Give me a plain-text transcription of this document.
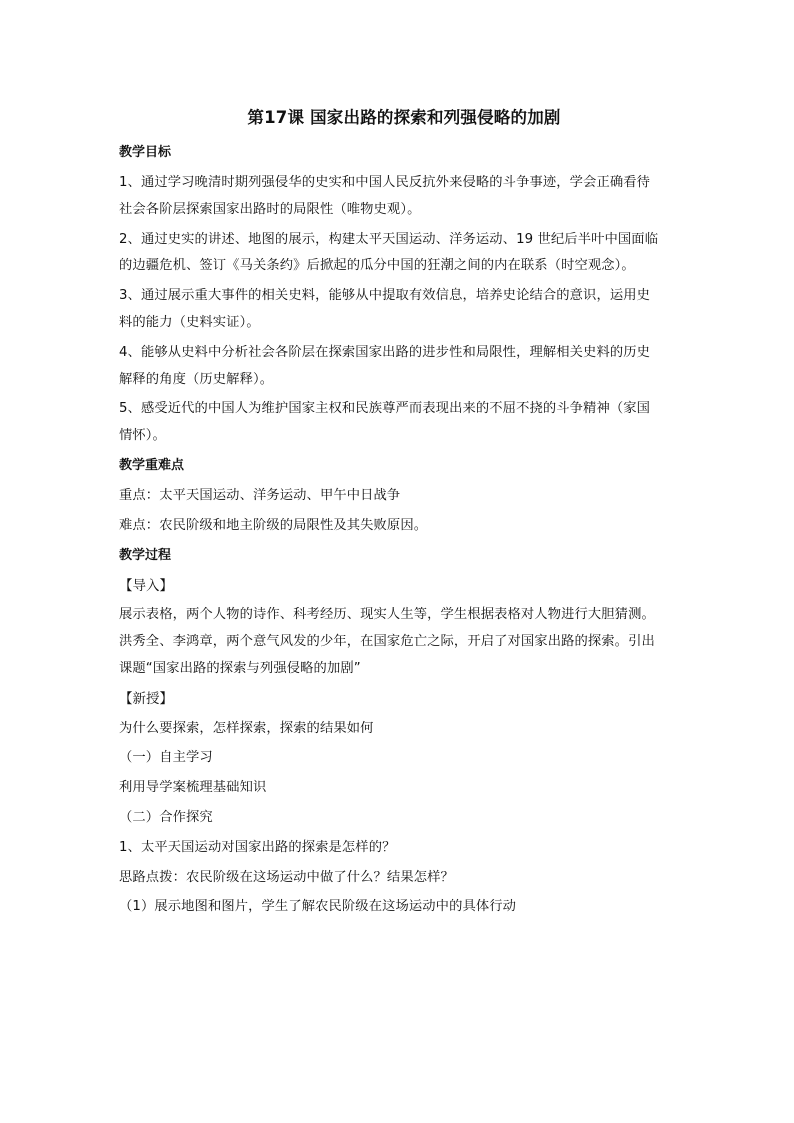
第17课 国家出路的探索和列强侵略的加剧
教学目标
1、通过学习晚清时期列强侵华的史实和中国人民反抗外来侵略的斗争事迹，学会正确看待
社会各阶层探索国家出路时的局限性（唯物史观）。
2、通过史实的讲述、地图的展示，构建太平天国运动、洋务运动、19 世纪后半叶中国面临
的边疆危机、签订《马关条约》后掀起的瓜分中国的狂潮之间的内在联系（时空观念）。
3、通过展示重大事件的相关史料，能够从中提取有效信息，培养史论结合的意识，运用史
料的能力（史料实证）。
4、能够从史料中分析社会各阶层在探索国家出路的进步性和局限性，理解相关史料的历史
解释的角度（历史解释）。
5、感受近代的中国人为维护国家主权和民族尊严而表现出来的不屈不挠的斗争精神（家国
情怀）。
教学重难点
重点：太平天国运动、洋务运动、甲午中日战争
难点：农民阶级和地主阶级的局限性及其失败原因。
教学过程
【导入】
展示表格，两个人物的诗作、科考经历、现实人生等，学生根据表格对人物进行大胆猜测。
洪秀全、李鸿章，两个意气风发的少年，在国家危亡之际，开启了对国家出路的探索。引出
课题“国家出路的探索与列强侵略的加剧”
【新授】
为什么要探索，怎样探索，探索的结果如何
（一）自主学习
利用导学案梳理基础知识
（二）合作探究
1、太平天国运动对国家出路的探索是怎样的？
思路点拨：农民阶级在这场运动中做了什么？结果怎样？
（1）展示地图和图片，学生了解农民阶级在这场运动中的具体行动
